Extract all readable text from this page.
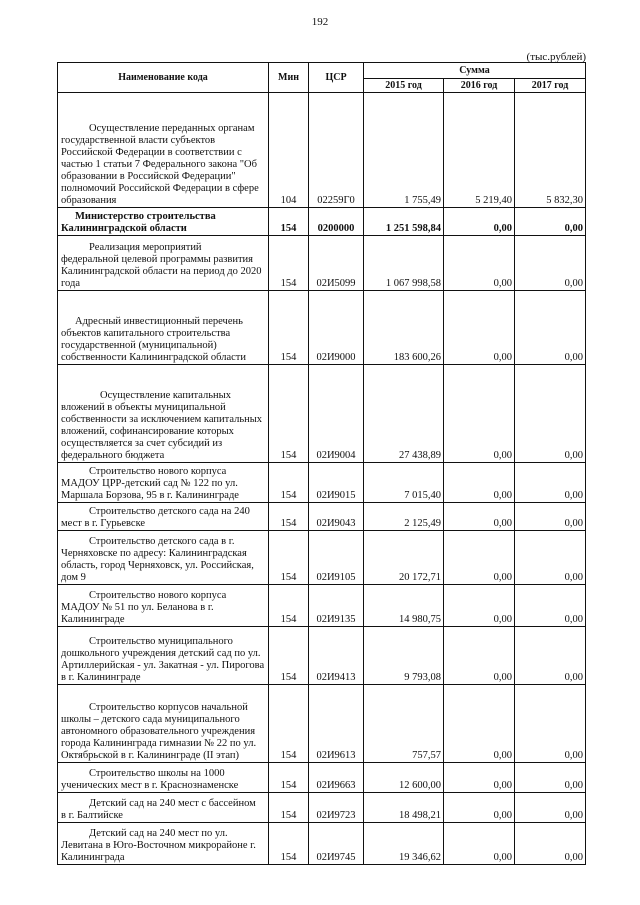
192
(тыс.рублей)
Наименование кода	Мин	ЦСР	Сумма		
			2015 год	2016 год	2017 год

Осуществление переданных органам
государственной власти субъектов Российской Федерации в соответствии с частью 1 статьи 7 Федерального закона "Об образовании в Российской Федерации" полномочий Российской Федерации в сфере образования	104	02259Г0	1 755,49	5 219,40	5 832,30

Министерство строительства
Калининградской области	154	0200000	1 251 598,84	0,00	0,00

Реализация мероприятий
федеральной целевой программы развития Калининградской области на период до 2020 года	154	02И5099	1 067 998,58	0,00	0,00

Адресный инвестиционный перечень
объектов капитального строительства государственной (муниципальной) собственности Калининградской области	154	02И9000	183 600,26	0,00	0,00

Осуществление капитальных
вложений в объекты муниципальной собственности за исключением капитальных вложений, софинансирование которых осуществляется за счет субсидий из федерального бюджета	154	02И9004	27 438,89	0,00	0,00

Строительство нового корпуса
МАДОУ ЦРР-детский сад № 122 по ул. Маршала Борзова, 95 в г. Калининграде	154	02И9015	7 015,40	0,00	0,00

Строительство детского сада на 240
мест в г. Гурьевске	154	02И9043	2 125,49	0,00	0,00

Строительство детского сада в г.
Черняховске по адресу: Калининградская область, город Черняховск, ул. Российская, дом 9	154	02И9105	20 172,71	0,00	0,00

Строительство нового корпуса
МАДОУ № 51 по ул. Беланова в г. Калининграде	154	02И9135	14 980,75	0,00	0,00

Строительство муниципального
дошкольного учреждения детский сад по ул. Артиллерийская - ул. Закатная - ул. Пирогова в г. Калининграде	154	02И9413	9 793,08	0,00	0,00

Строительство корпусов начальной
школы – детского сада муниципального автономного образовательного учреждения города Калининграда гимназии № 22 по ул. Октябрьской в г. Калининграде (II этап)	154	02И9613	757,57	0,00	0,00

Строительство школы на 1000
ученических мест в г. Краснознаменске	154	02И9663	12 600,00	0,00	0,00

Детский сад на 240 мест с бассейном
в г. Балтийске	154	02И9723	18 498,21	0,00	0,00

Детский сад на 240 мест по ул.
Левитана в Юго-Восточном микрорайоне г. Калининграда	154	02И9745	19 346,62	0,00	0,00
